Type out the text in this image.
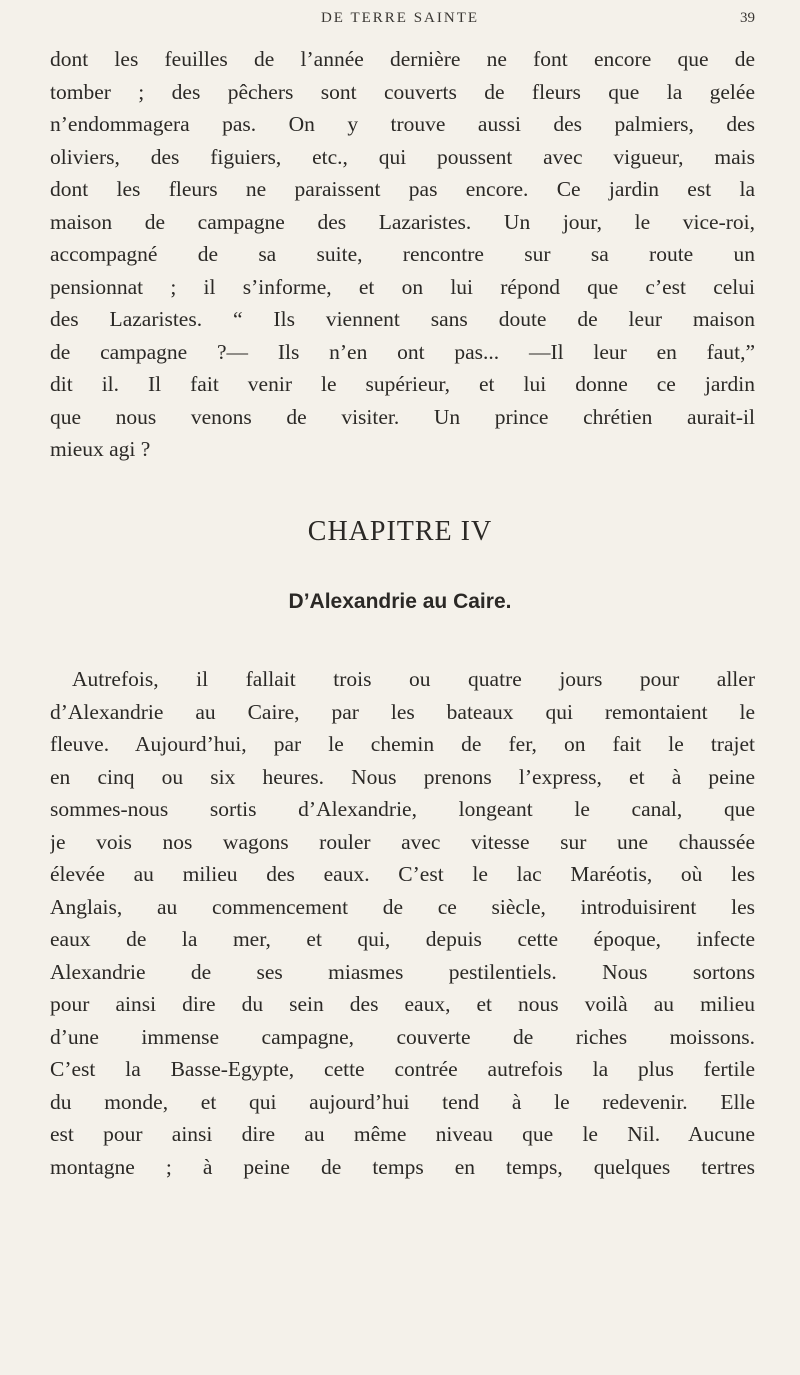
DE TERRE SAINTE	39
dont les feuilles de l’année dernière ne font encore que de
tomber ; des pêchers sont couverts de fleurs que la gelée
n’endommagera pas. On y trouve aussi des palmiers, des
oliviers, des figuiers, etc., qui poussent avec vigueur, mais
dont les fleurs ne paraissent pas encore. Ce jardin est la
maison de campagne des Lazaristes. Un jour, le vice-roi,
accompagné de sa suite, rencontre sur sa route un
pensionnat ; il s’informe, et on lui répond que c’est celui
des Lazaristes. “ Ils viennent sans doute de leur maison
de campagne ?— Ils n’en ont pas... —Il leur en faut,”
dit il. Il fait venir le supérieur, et lui donne ce jardin
que nous venons de visiter. Un prince chrétien aurait-il
mieux agi ?
CHAPITRE IV
D’Alexandrie au Caire.
Autrefois, il fallait trois ou quatre jours pour aller
d’Alexandrie au Caire, par les bateaux qui remontaient le
fleuve. Aujourd’hui, par le chemin de fer, on fait le trajet
en cinq ou six heures. Nous prenons l’express, et à peine
sommes-nous sortis d’Alexandrie, longeant le canal, que
je vois nos wagons rouler avec vitesse sur une chaussée
élevée au milieu des eaux. C’est le lac Maréotis, où les
Anglais, au commencement de ce siècle, introduisirent les
eaux de la mer, et qui, depuis cette époque, infecte
Alexandrie de ses miasmes pestilentiels. Nous sortons
pour ainsi dire du sein des eaux, et nous voilà au milieu
d’une immense campagne, couverte de riches moissons.
C’est la Basse-Egypte, cette contrée autrefois la plus fertile
du monde, et qui aujourd’hui tend à le redevenir. Elle
est pour ainsi dire au même niveau que le Nil. Aucune
montagne ; à peine de temps en temps, quelques tertres
